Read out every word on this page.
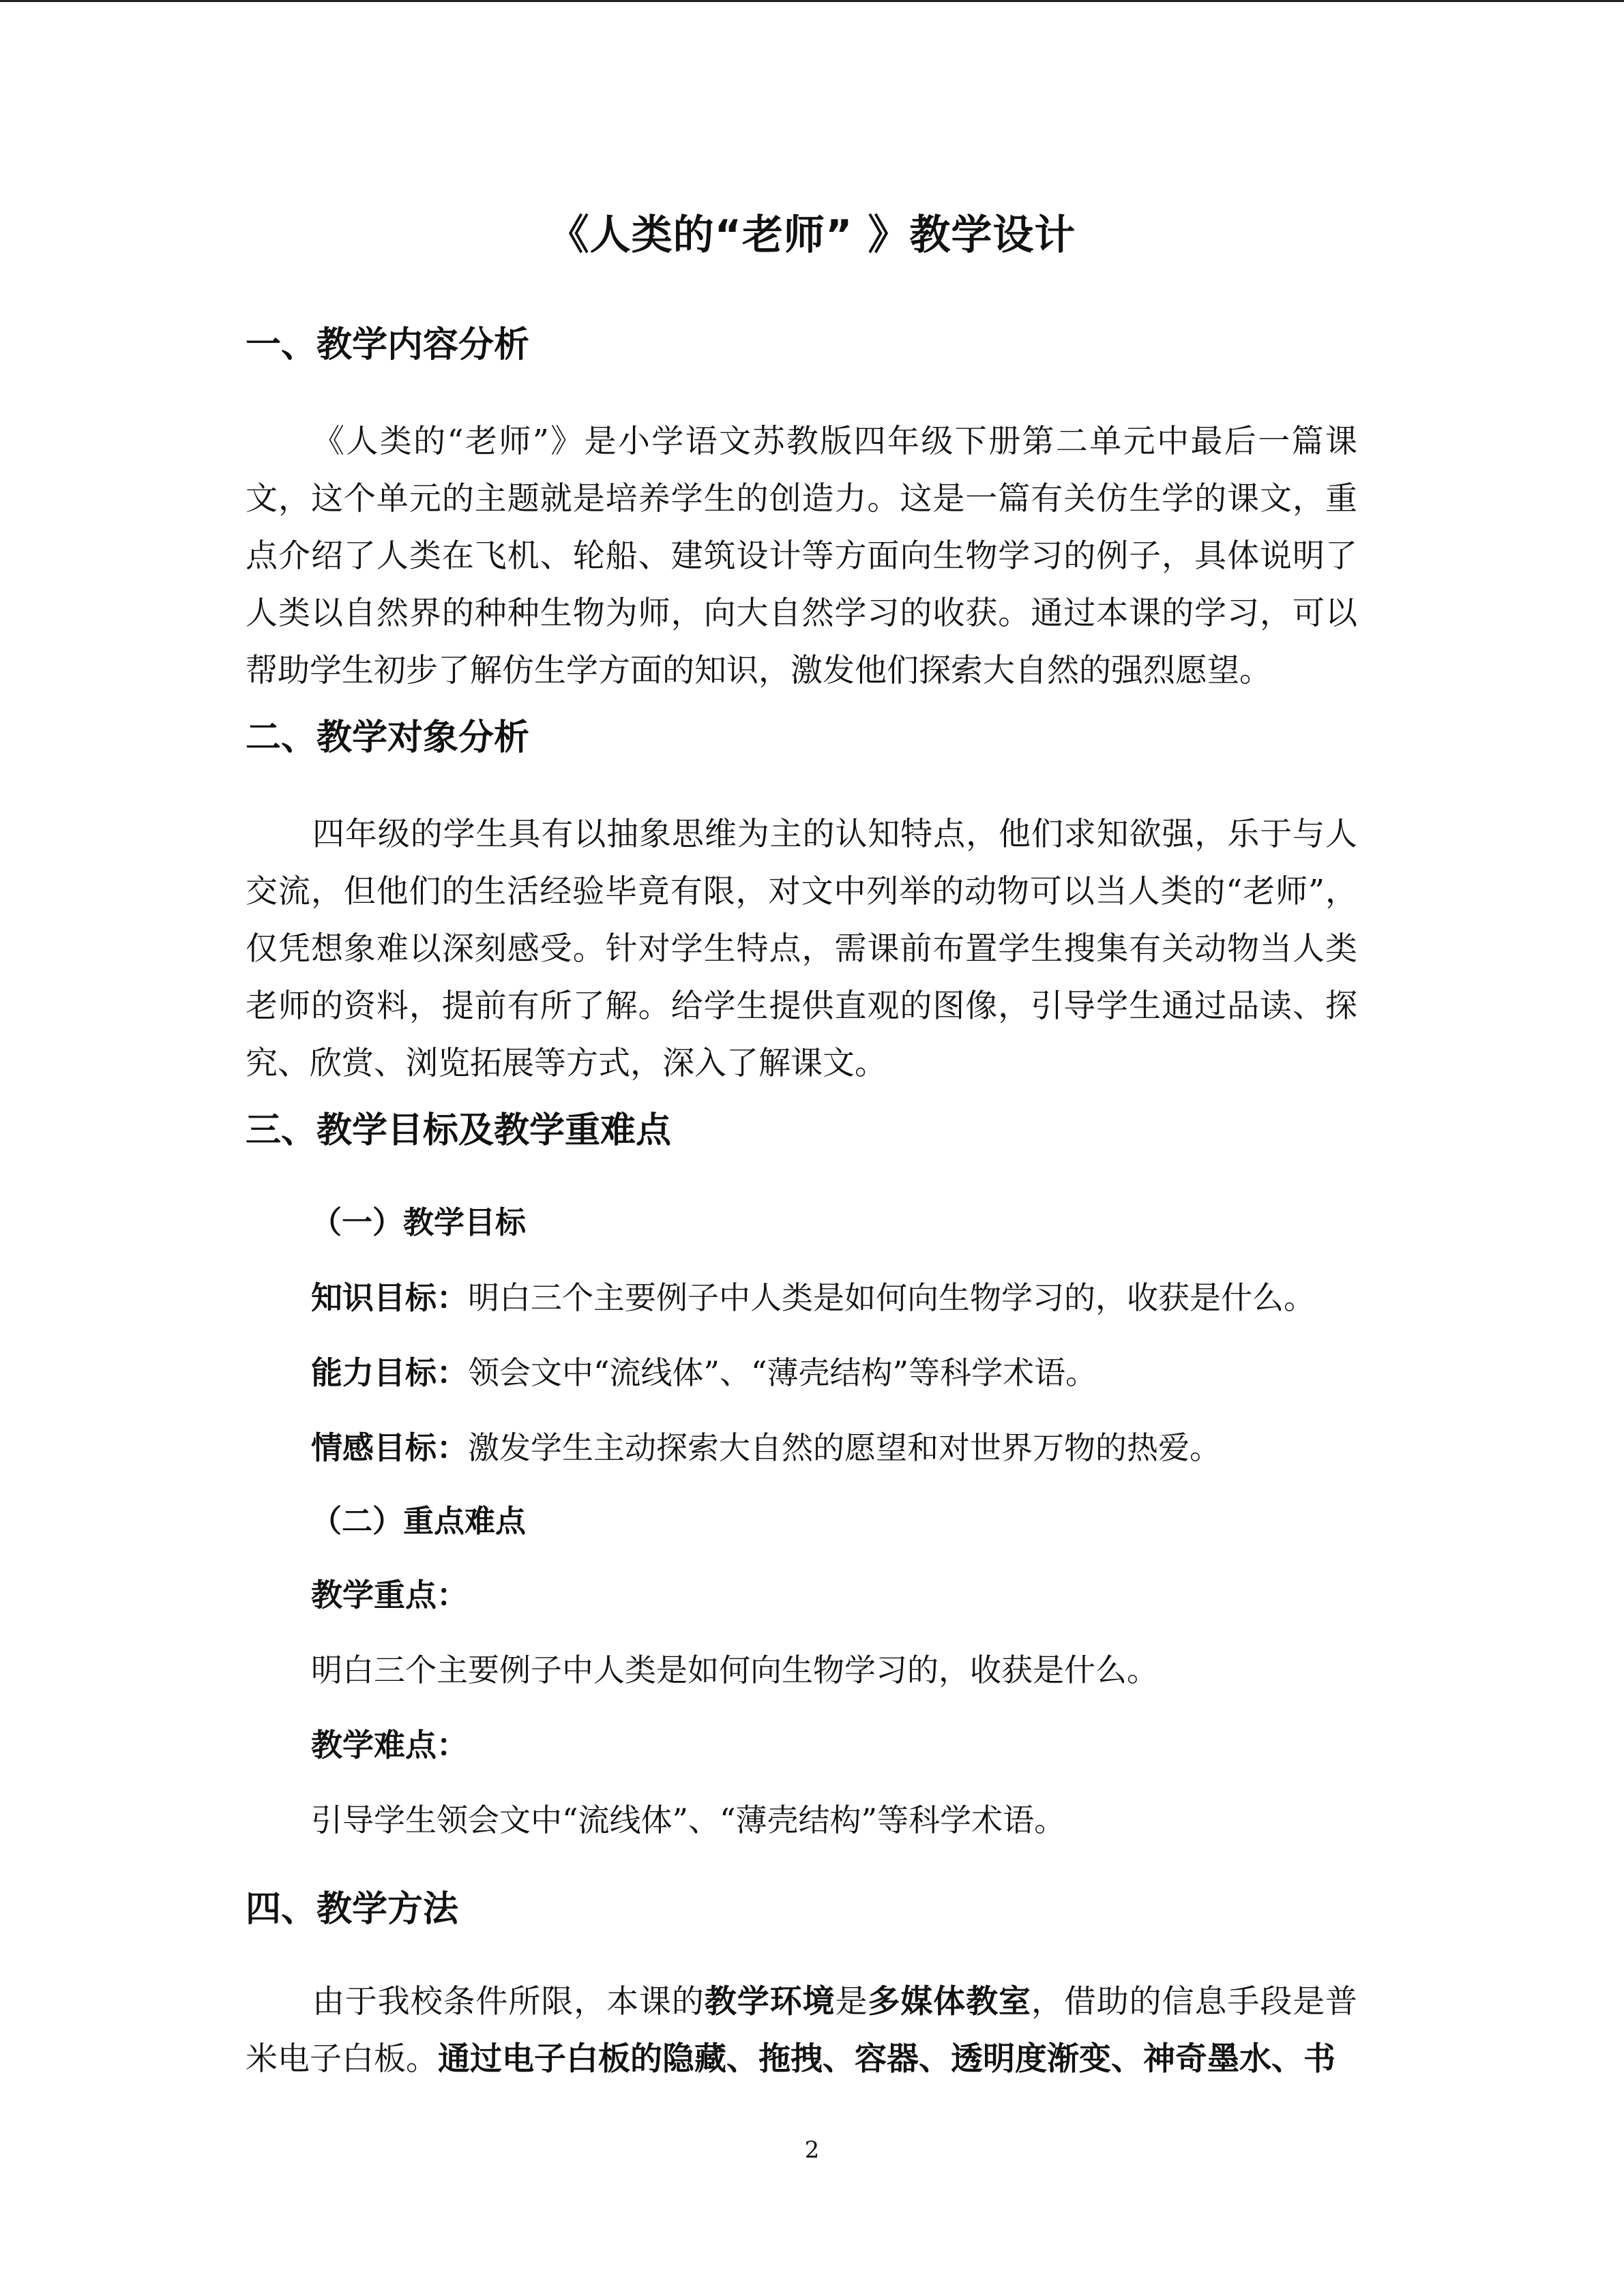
《人类的“老师” 》教学设计
一、教学内容分析

《人类的“老师”》是小学语文苏教版四年级下册第二单元中最后一篇课文，这个单元的主题就是培养学生的创造力。这是一篇有关仿生学的课文，重点介绍了人类在飞机、轮船、建筑设计等方面向生物学习的例子，具体说明了人类以自然界的种种生物为师，向大自然学习的收获。通过本课的学习，可以帮助学生初步了解仿生学方面的知识，激发他们探索大自然的强烈愿望。

二、教学对象分析

四年级的学生具有以抽象思维为主的认知特点，他们求知欲强，乐于与人交流，但他们的生活经验毕竟有限，对文中列举的动物可以当人类的“老师”，仅凭想象难以深刻感受。针对学生特点，需课前布置学生搜集有关动物当人类老师的资料，提前有所了解。给学生提供直观的图像，引导学生通过品读、探究、欣赏、浏览拓展等方式，深入了解课文。

三、教学目标及教学重难点
（一）教学目标
知识目标：明白三个主要例子中人类是如何向生物学习的，收获是什么。
能力目标：领会文中“流线体”、“薄壳结构”等科学术语。
情感目标：激发学生主动探索大自然的愿望和对世界万物的热爱。
（二）重点难点
教学重点：
明白三个主要例子中人类是如何向生物学习的，收获是什么。
教学难点：
引导学生领会文中“流线体”、“薄壳结构”等科学术语。
四、教学方法

由于我校条件所限，本课的教学环境是多媒体教室，借助的信息手段是普米电子白板。通过电子白板的隐藏、拖拽、容器、透明度渐变、神奇墨水、书

2
